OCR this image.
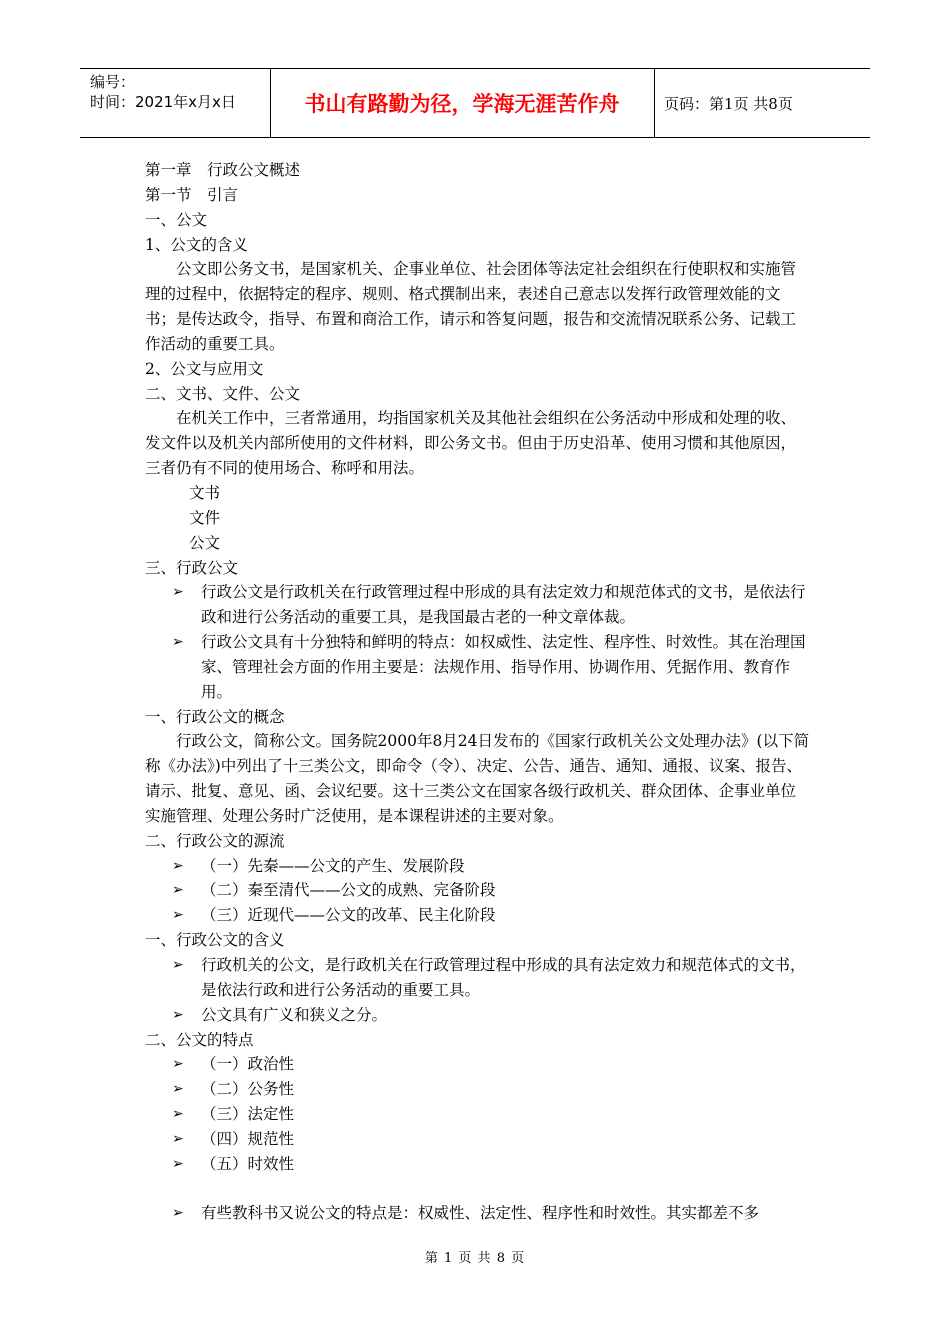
编号：
时间：2021年x月x日	书山有路勤为径，学海无涯苦作舟	页码：第1页 共8页

第一章　行政公文概述

第一节　引言

一、公文

1、公文的含义

公文即公务文书，是国家机关、企事业单位、社会团体等法定社会组织在行使职权和实施管理的过程中，依据特定的程序、规则、格式撰制出来，表述自己意志以发挥行政管理效能的文书；是传达政令，指导、布置和商洽工作，请示和答复问题，报告和交流情况联系公务、记载工作活动的重要工具。

2、公文与应用文

二、文书、文件、公文

在机关工作中，三者常通用，均指国家机关及其他社会组织在公务活动中形成和处理的收、发文件以及机关内部所使用的文件材料，即公务文书。但由于历史沿革、使用习惯和其他原因，三者仍有不同的使用场合、称呼和用法。

文书

文件

公文

三、行政公文

➢ 行政公文是行政机关在行政管理过程中形成的具有法定效力和规范体式的文书，是依法行政和进行公务活动的重要工具，是我国最古老的一种文章体裁。
➢ 行政公文具有十分独特和鲜明的特点：如权威性、法定性、程序性、时效性。其在治理国家、管理社会方面的作用主要是：法规作用、指导作用、协调作用、凭据作用、教育作用。

一、行政公文的概念

行政公文，简称公文。国务院2000年8月24日发布的《国家行政机关公文处理办法》(以下简称《办法》)中列出了十三类公文，即命令（令）、决定、公告、通告、通知、通报、议案、报告、请示、批复、意见、函、会议纪要。这十三类公文在国家各级行政机关、群众团体、企事业单位实施管理、处理公务时广泛使用，是本课程讲述的主要对象。

二、行政公文的源流

➢ （一）先秦——公文的产生、发展阶段
➢ （二）秦至清代——公文的成熟、完备阶段
➢ （三）近现代——公文的改革、民主化阶段

一、行政公文的含义

➢ 行政机关的公文，是行政机关在行政管理过程中形成的具有法定效力和规范体式的文书，是依法行政和进行公务活动的重要工具。
➢ 公文具有广义和狭义之分。

二、公文的特点

➢ （一）政治性
➢ （二）公务性
➢ （三）法定性
➢ （四）规范性
➢ （五）时效性
➢ 有些教科书又说公文的特点是：权威性、法定性、程序性和时效性。其实都差不多
第 1 页 共 8 页
